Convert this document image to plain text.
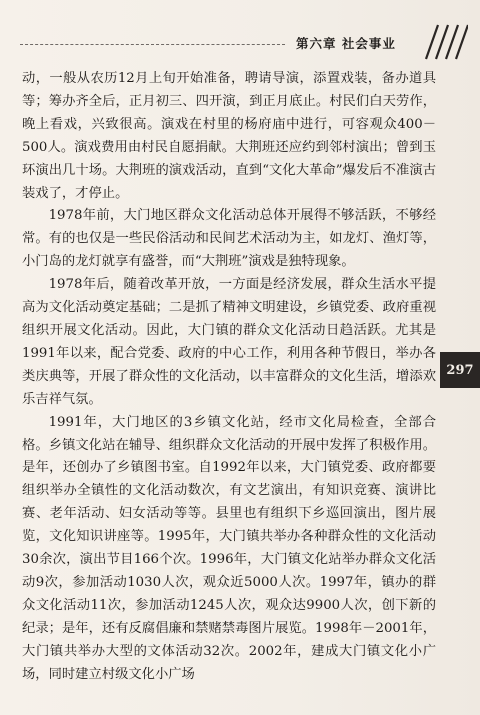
第六章 社会事业

动，一般从农历12月上旬开始准备，聘请导演，添置戏装，备办道具等；筹办齐全后，正月初三、四开演，到正月底止。村民们白天劳作，晚上看戏，兴致很高。演戏在村里的杨府庙中进行，可容观众400－500人。演戏费用由村民自愿捐献。大荆班还应约到邻村演出；曾到玉环演出几十场。大荆班的演戏活动，直到“文化大革命”爆发后不准演古装戏了，才停止。

1978年前，大门地区群众文化活动总体开展得不够活跃，不够经常。有的也仅是一些民俗活动和民间艺术活动为主，如龙灯、渔灯等，小门岛的龙灯就享有盛誉，而“大荆班”演戏是独特现象。

1978年后，随着改革开放，一方面是经济发展，群众生活水平提高为文化活动奠定基础；二是抓了精神文明建设，乡镇党委、政府重视组织开展文化活动。因此，大门镇的群众文化活动日趋活跃。尤其是1991年以来，配合党委、政府的中心工作，利用各种节假日，举办各类庆典等，开展了群众性的文化活动，以丰富群众的文化生活，增添欢乐吉祥气氛。

1991年，大门地区的3乡镇文化站，经市文化局检查，全部合格。乡镇文化站在辅导、组织群众文化活动的开展中发挥了积极作用。是年，还创办了乡镇图书室。自1992年以来，大门镇党委、政府都要组织举办全镇性的文化活动数次，有文艺演出，有知识竞赛、演讲比赛、老年活动、妇女活动等等。县里也有组织下乡巡回演出，图片展览，文化知识讲座等。1995年，大门镇共举办各种群众性的文化活动30余次，演出节目166个次。1996年，大门镇文化站举办群众文化活动9次，参加活动1030人次，观众近5000人次。1997年，镇办的群众文化活动11次，参加活动1245人次，观众达9900人次，创下新的纪录；是年，还有反腐倡廉和禁赌禁毒图片展览。1998年－2001年，大门镇共举办大型的文体活动32次。2002年，建成大门镇文化小广场，同时建立村级文化小广场

297
